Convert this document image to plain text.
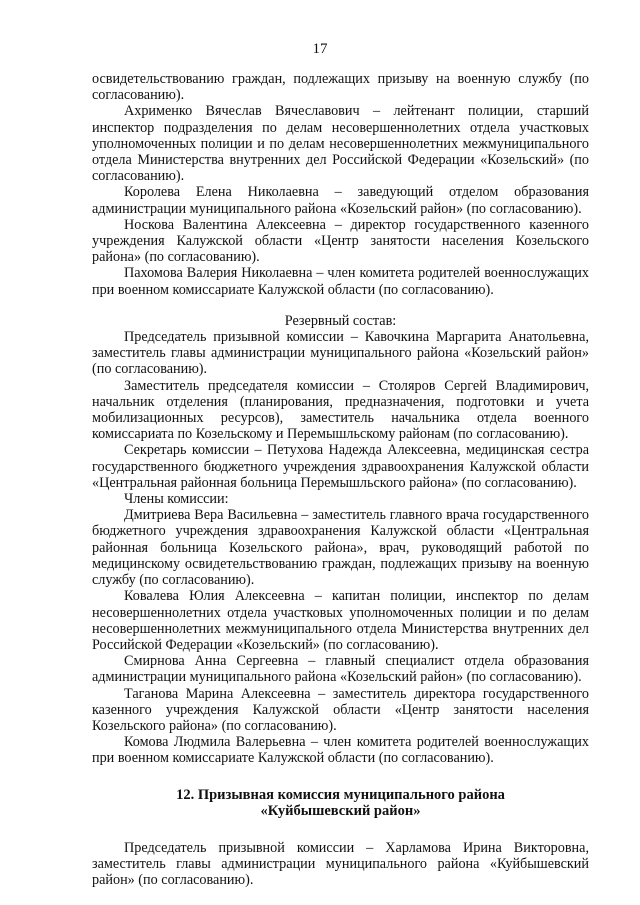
17

освидетельствованию граждан, подлежащих призыву на военную службу (по согласованию).

Ахрименко Вячеслав Вячеславович – лейтенант полиции, старший инспектор подразделения по делам несовершеннолетних отдела участковых уполномоченных полиции и по делам несовершеннолетних межмуниципального отдела Министерства внутренних дел Российской Федерации «Козельский» (по согласованию).

Королева Елена Николаевна – заведующий отделом образования администрации муниципального района «Козельский район» (по согласованию).

Носкова Валентина Алексеевна – директор государственного казенного учреждения Калужской области «Центр занятости населения Козельского района» (по согласованию).

Пахомова Валерия Николаевна – член комитета родителей военнослужащих при военном комиссариате Калужской области (по согласованию).

Резервный состав:

Председатель призывной комиссии – Кавочкина Маргарита Анатольевна, заместитель главы администрации муниципального района «Козельский район» (по согласованию).

Заместитель председателя комиссии – Столяров Сергей Владимирович, начальник отделения (планирования, предназначения, подготовки и учета мобилизационных ресурсов), заместитель начальника отдела военного комиссариата по Козельскому и Перемышльскому районам (по согласованию).

Секретарь комиссии – Петухова Надежда Алексеевна, медицинская сестра государственного бюджетного учреждения здравоохранения Калужской области «Центральная районная больница Перемышльского района» (по согласованию).

Члены комиссии:

Дмитриева Вера Васильевна – заместитель главного врача государственного бюджетного учреждения здравоохранения Калужской области «Центральная районная больница Козельского района», врач, руководящий работой по медицинскому освидетельствованию граждан, подлежащих призыву на военную службу (по согласованию).

Ковалева Юлия Алексеевна – капитан полиции, инспектор по делам несовершеннолетних отдела участковых уполномоченных полиции и по делам несовершеннолетних межмуниципального отдела Министерства внутренних дел Российской Федерации «Козельский» (по согласованию).

Смирнова Анна Сергеевна – главный специалист отдела образования администрации муниципального района «Козельский район» (по согласованию).

Таганова Марина Алексеевна – заместитель директора государственного казенного учреждения Калужской области «Центр занятости населения Козельского района» (по согласованию).

Комова Людмила Валерьевна – член комитета родителей военнослужащих при военном комиссариате Калужской области (по согласованию).

12. Призывная комиссия муниципального района
«Куйбышевский район»

Председатель призывной комиссии – Харламова Ирина Викторовна, заместитель главы администрации муниципального района «Куйбышевский район» (по согласованию).
